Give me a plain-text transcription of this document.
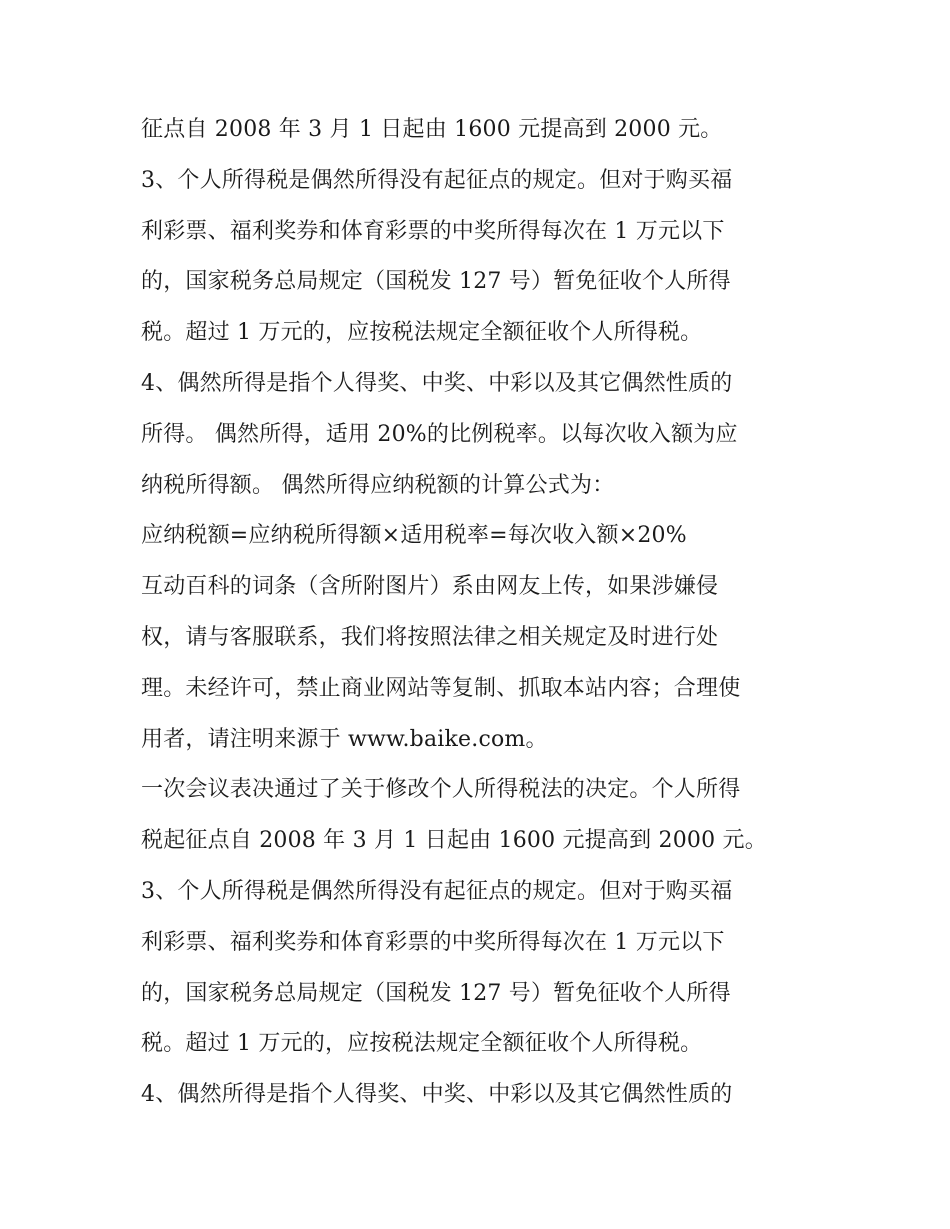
征点自 2008 年 3 月 1 日起由 1600 元提高到 2000 元。
3、个人所得税是偶然所得没有起征点的规定。但对于购买福
利彩票、福利奖券和体育彩票的中奖所得每次在 1 万元以下
的，国家税务总局规定（国税发 127 号）暂免征收个人所得
税。超过 1 万元的，应按税法规定全额征收个人所得税。
4、偶然所得是指个人得奖、中奖、中彩以及其它偶然性质的
所得。 偶然所得，适用 20%的比例税率。以每次收入额为应
纳税所得额。 偶然所得应纳税额的计算公式为：
应纳税额=应纳税所得额×适用税率=每次收入额×20%
互动百科的词条（含所附图片）系由网友上传，如果涉嫌侵
权，请与客服联系，我们将按照法律之相关规定及时进行处
理。未经许可，禁止商业网站等复制、抓取本站内容；合理使
用者，请注明来源于 www.baike.com。
一次会议表决通过了关于修改个人所得税法的决定。个人所得
税起征点自 2008 年 3 月 1 日起由 1600 元提高到 2000 元。
3、个人所得税是偶然所得没有起征点的规定。但对于购买福
利彩票、福利奖券和体育彩票的中奖所得每次在 1 万元以下
的，国家税务总局规定（国税发 127 号）暂免征收个人所得
税。超过 1 万元的，应按税法规定全额征收个人所得税。
4、偶然所得是指个人得奖、中奖、中彩以及其它偶然性质的
